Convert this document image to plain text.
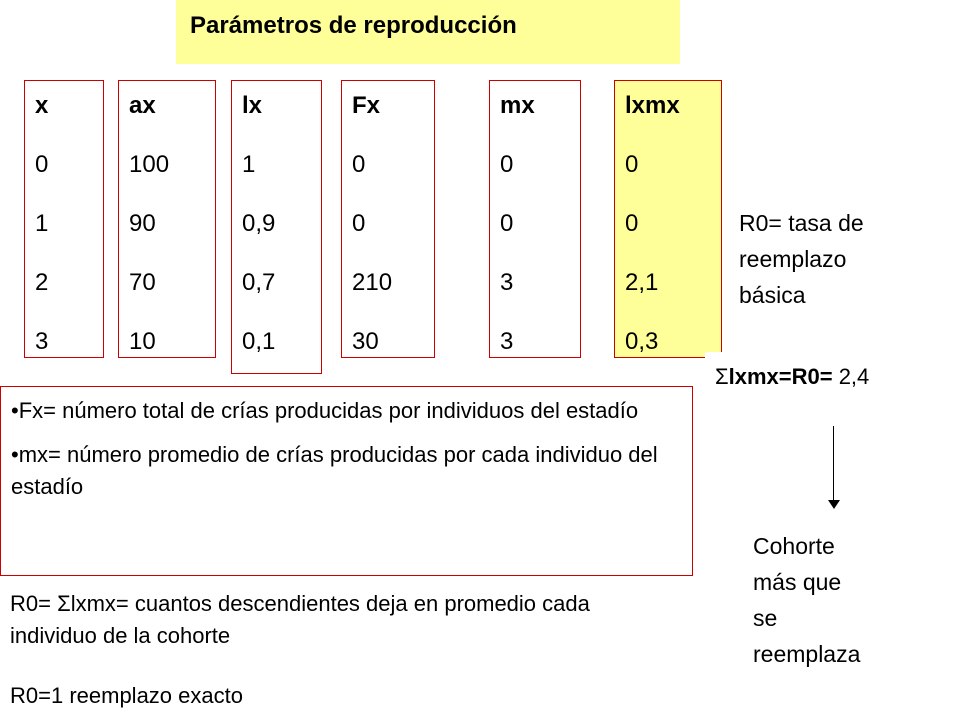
Parámetros de reproducción
x
0
1
2
3
ax
100
90
70
10
lx
1
0,9
0,7
0,1
Fx
0
0
210
30
mx
0
0
3
3
lxmx
0
0
2,1
0,3
R0= tasa de
reemplazo
básica
Σlxmx=R0= 2,4

•Fx= número total de crías producidas por individuos del estadío

•mx= número promedio de crías producidas por cada individuo del estadío

R0= Σlxmx= cuantos descendientes deja en promedio cada individuo de la cohorte
R0=1 reemplazo exacto
Cohorte
más que
se
reemplaza
